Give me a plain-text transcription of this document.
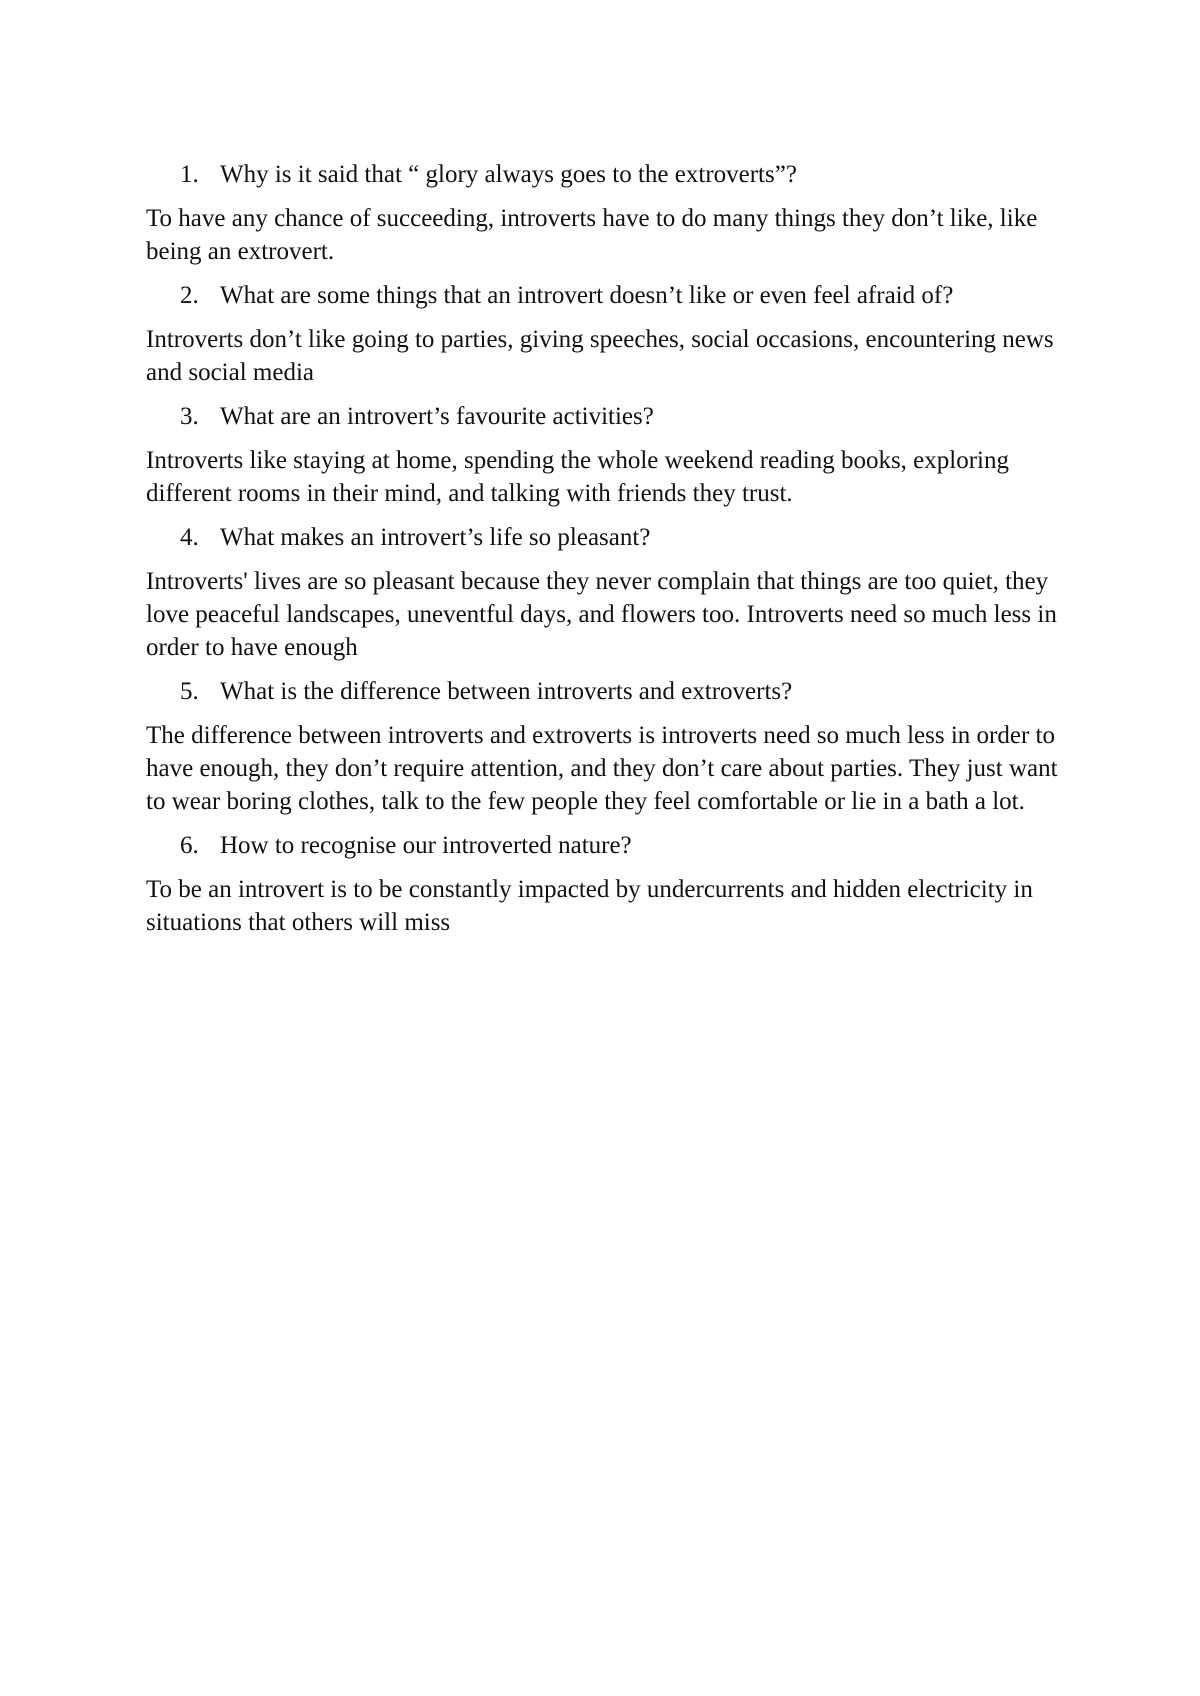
1. Why is it said that “ glory always goes to the extroverts”?

To have any chance of succeeding, introverts have to do many things they don’t like, like being an extrovert.

2. What are some things that an introvert doesn’t like or even feel afraid of?

Introverts don’t like going to parties, giving speeches, social occasions, encountering news and social media

3. What are an introvert’s favourite activities?

Introverts like staying at home, spending the whole weekend reading books, exploring different rooms in their mind, and talking with friends they trust.

4. What makes an introvert’s life so pleasant?

Introverts' lives are so pleasant because they never complain that things are too quiet, they love peaceful landscapes, uneventful days, and flowers too. Introverts need so much less in order to have enough

5. What is the difference between introverts and extroverts?

The difference between introverts and extroverts is introverts need so much less in order to have enough, they don’t require attention, and they don’t care about parties. They just want to wear boring clothes, talk to the few people they feel comfortable or lie in a bath a lot.

6. How to recognise our introverted nature?

To be an introvert is to be constantly impacted by undercurrents and hidden electricity in situations that others will miss
